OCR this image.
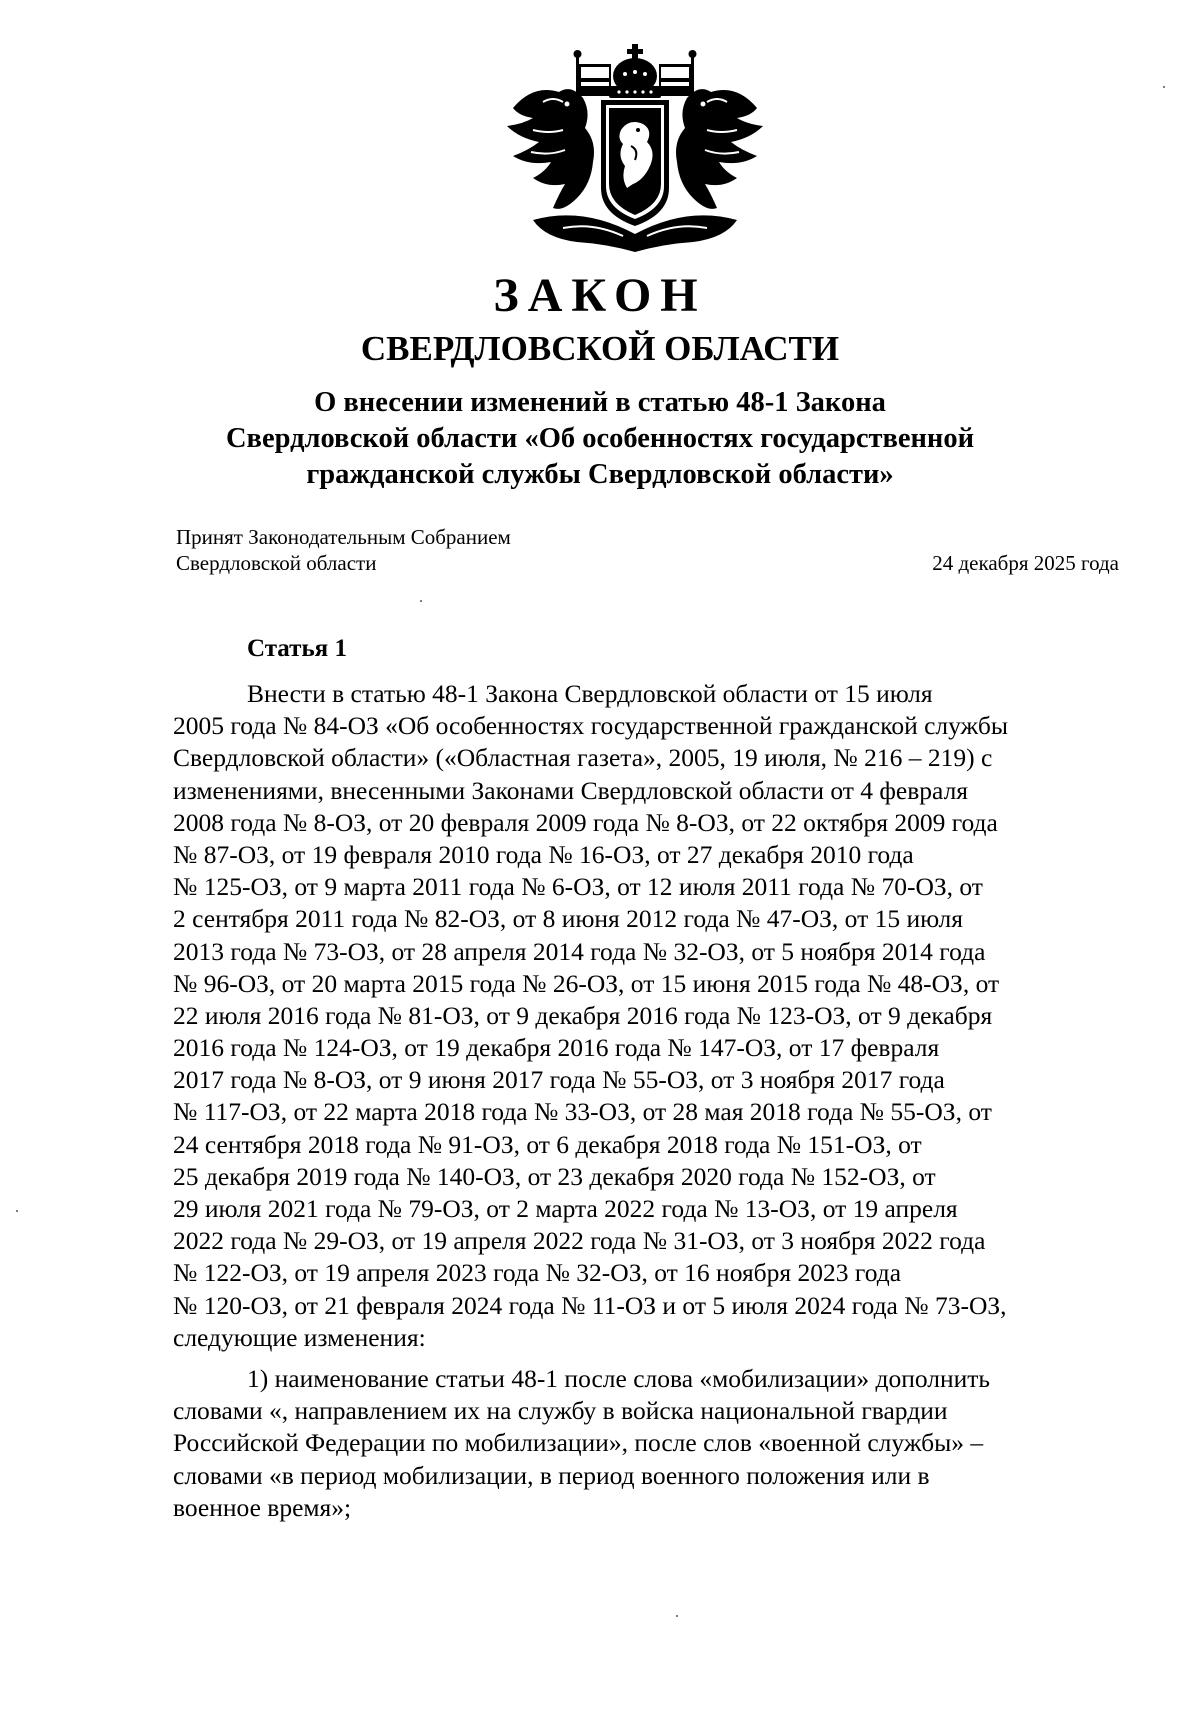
ЗАКОН
СВЕРДЛОВСКОЙ ОБЛАСТИ
О внесении изменений в статью 48-1 Закона
Свердловской области «Об особенностях государственной
гражданской службы Свердловской области»
Принят Законодательным Собранием
Свердловской области	24 декабря 2025 года
Статья 1
Внести в статью 48-1 Закона Свердловской области от 15 июля
2005 года № 84-ОЗ «Об особенностях государственной гражданской службы
Свердловской области» («Областная газета», 2005, 19 июля, № 216 – 219) с
изменениями, внесенными Законами Свердловской области от 4 февраля
2008 года № 8-ОЗ, от 20 февраля 2009 года № 8-ОЗ, от 22 октября 2009 года
№ 87-ОЗ, от 19 февраля 2010 года № 16-ОЗ, от 27 декабря 2010 года
№ 125-ОЗ, от 9 марта 2011 года № 6-ОЗ, от 12 июля 2011 года № 70-ОЗ, от
2 сентября 2011 года № 82-ОЗ, от 8 июня 2012 года № 47-ОЗ, от 15 июля
2013 года № 73-ОЗ, от 28 апреля 2014 года № 32-ОЗ, от 5 ноября 2014 года
№ 96-ОЗ, от 20 марта 2015 года № 26-ОЗ, от 15 июня 2015 года № 48-ОЗ, от
22 июля 2016 года № 81-ОЗ, от 9 декабря 2016 года № 123-ОЗ, от 9 декабря
2016 года № 124-ОЗ, от 19 декабря 2016 года № 147-ОЗ, от 17 февраля
2017 года № 8-ОЗ, от 9 июня 2017 года № 55-ОЗ, от 3 ноября 2017 года
№ 117-ОЗ, от 22 марта 2018 года № 33-ОЗ, от 28 мая 2018 года № 55-ОЗ, от
24 сентября 2018 года № 91-ОЗ, от 6 декабря 2018 года № 151-ОЗ, от
25 декабря 2019 года № 140-ОЗ, от 23 декабря 2020 года № 152-ОЗ, от
29 июля 2021 года № 79-ОЗ, от 2 марта 2022 года № 13-ОЗ, от 19 апреля
2022 года № 29-ОЗ, от 19 апреля 2022 года № 31-ОЗ, от 3 ноября 2022 года
№ 122-ОЗ, от 19 апреля 2023 года № 32-ОЗ, от 16 ноября 2023 года
№ 120-ОЗ, от 21 февраля 2024 года № 11-ОЗ и от 5 июля 2024 года № 73-ОЗ,
следующие изменения:
1) наименование статьи 48-1 после слова «мобилизации» дополнить
словами «, направлением их на службу в войска национальной гвардии
Российской Федерации по мобилизации», после слов «военной службы» –
словами «в период мобилизации, в период военного положения или в
военное время»;
